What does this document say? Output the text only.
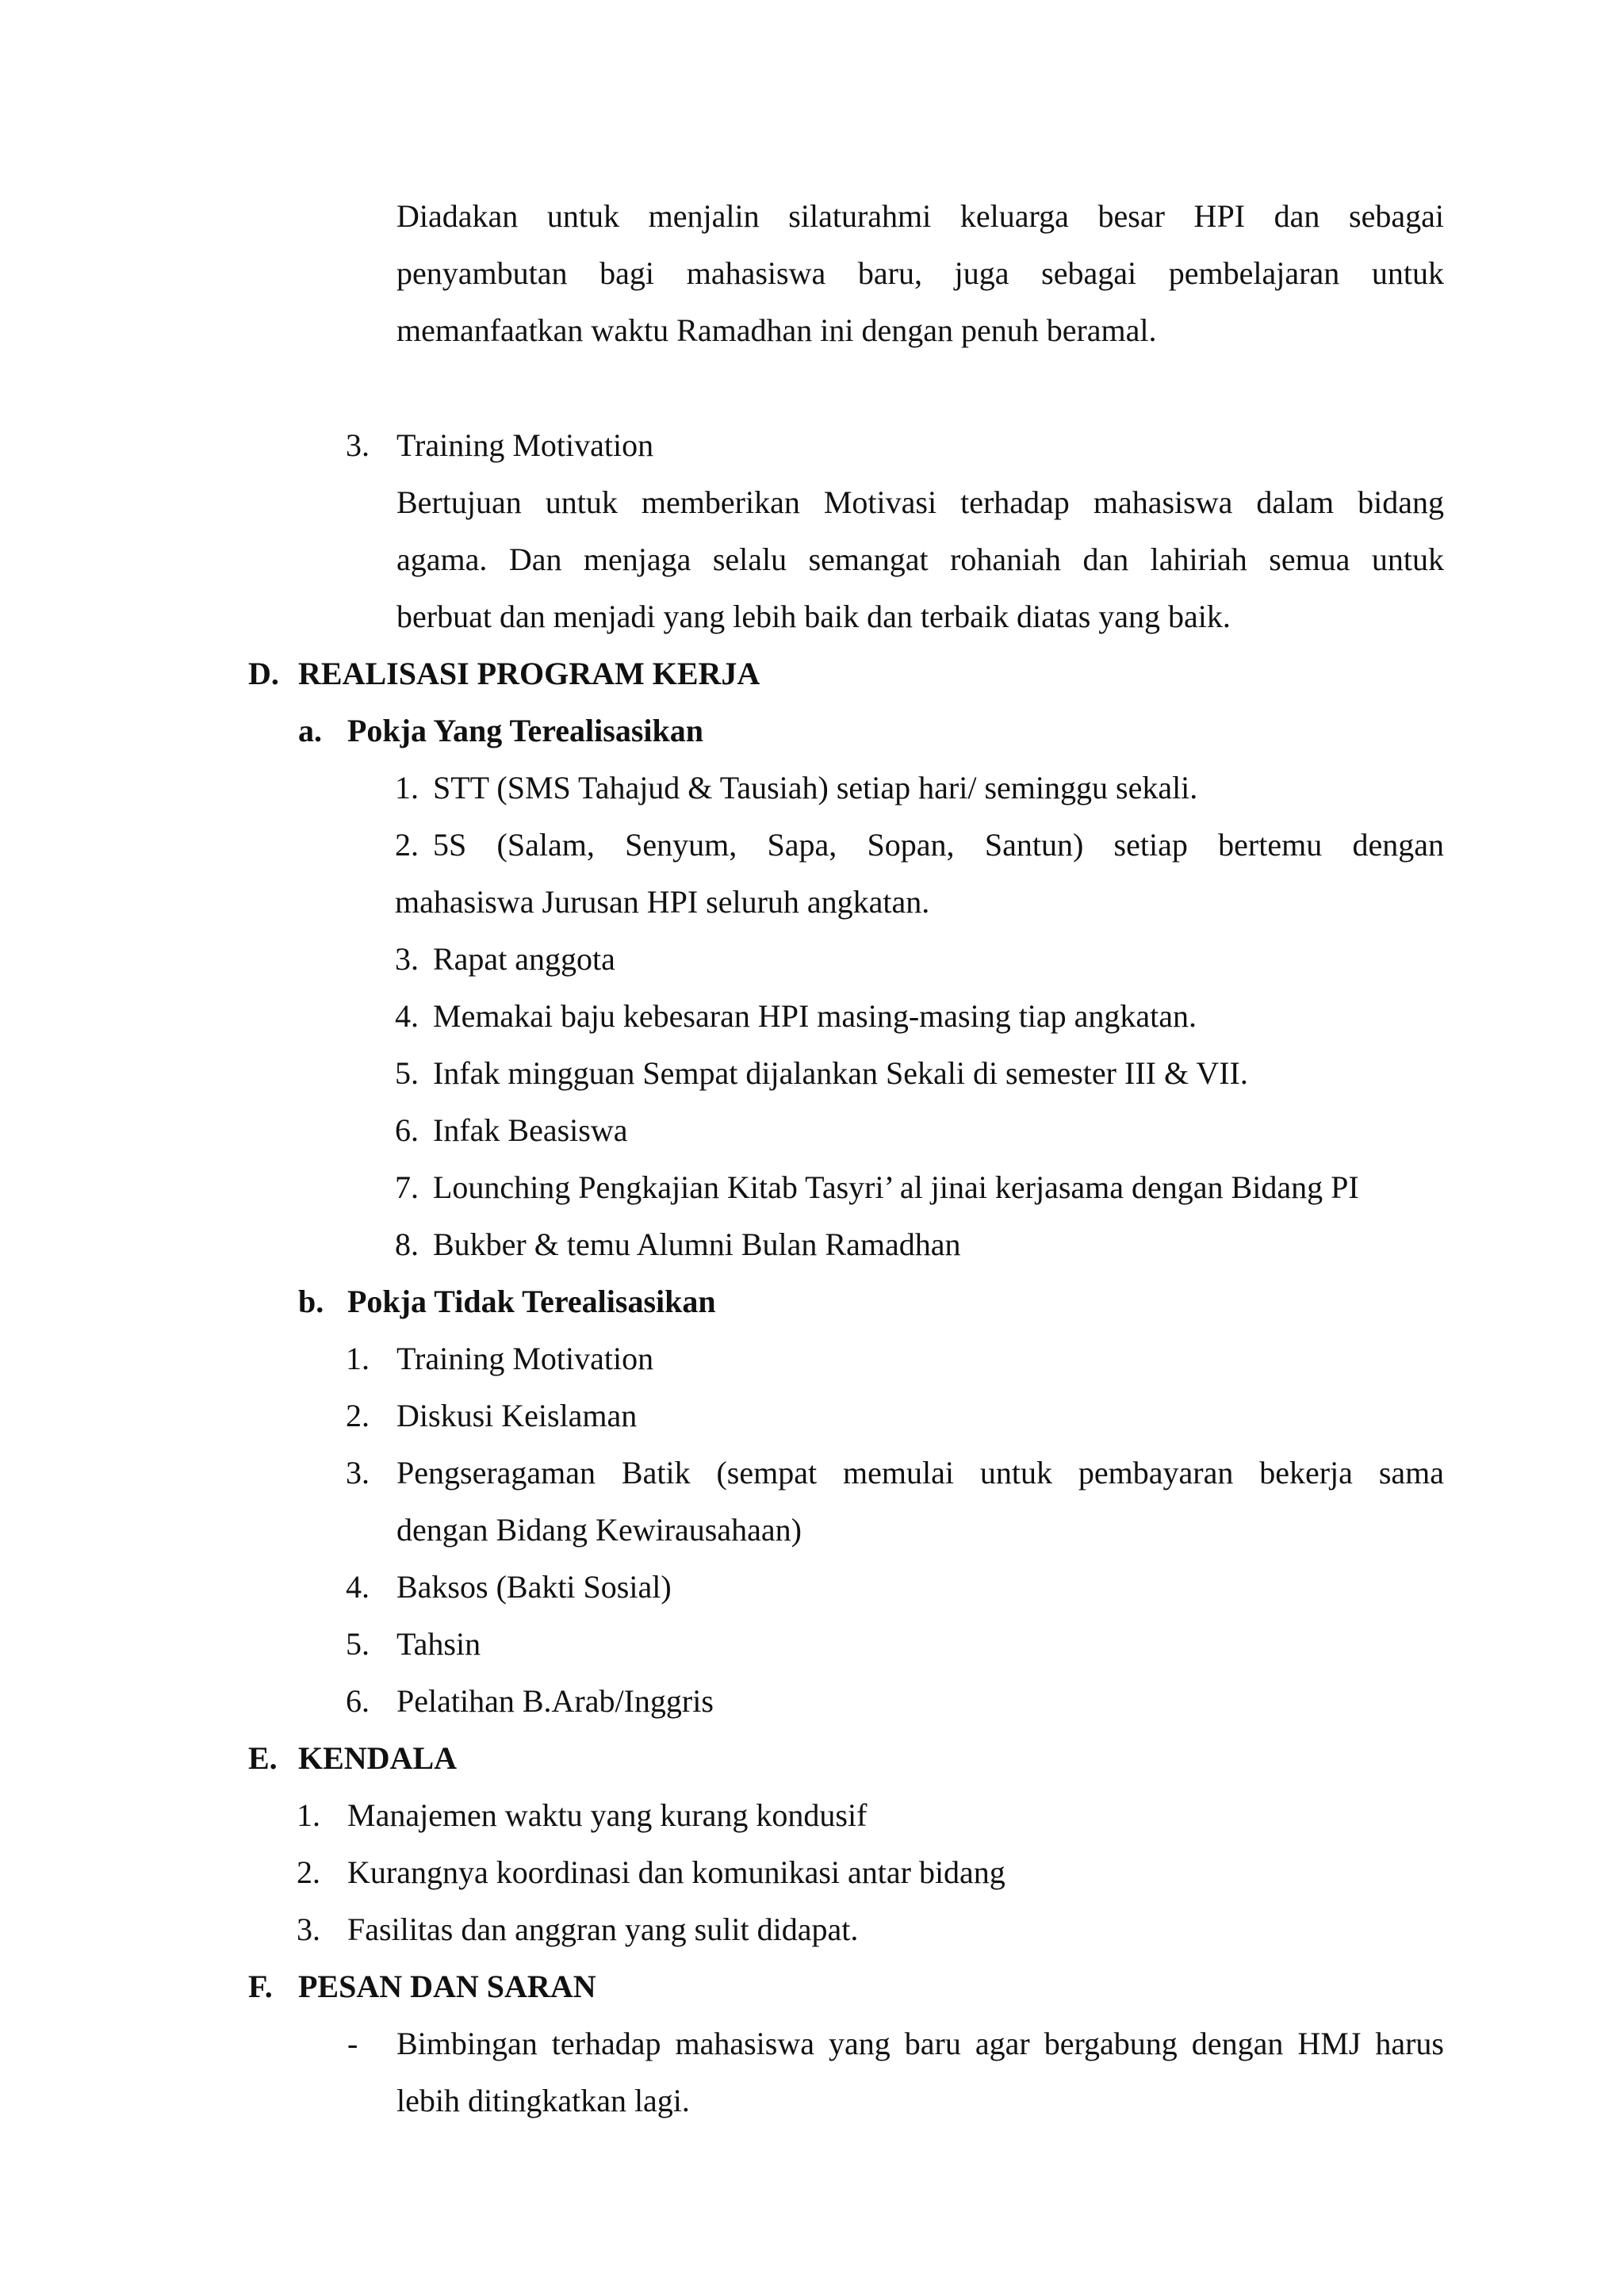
Diadakan untuk menjalin silaturahmi keluarga besar HPI dan sebagai
penyambutan bagi mahasiswa baru, juga sebagai pembelajaran untuk
memanfaatkan waktu Ramadhan ini dengan penuh beramal.
3. Training Motivation
Bertujuan untuk memberikan Motivasi terhadap mahasiswa dalam bidang
agama. Dan menjaga selalu semangat rohaniah dan lahiriah semua untuk
berbuat dan menjadi yang lebih baik dan terbaik diatas yang baik.
D. REALISASI PROGRAM KERJA
a. Pokja Yang Terealisasikan
1. STT (SMS Tahajud & Tausiah) setiap hari/ seminggu sekali.
2. 5S (Salam, Senyum, Sapa, Sopan, Santun) setiap bertemu dengan
mahasiswa Jurusan HPI seluruh angkatan.
3. Rapat anggota
4. Memakai baju kebesaran HPI masing-masing tiap angkatan.
5. Infak mingguan Sempat dijalankan Sekali di semester III & VII.
6. Infak Beasiswa
7. Lounching Pengkajian Kitab Tasyri’ al jinai kerjasama dengan Bidang PI
8. Bukber & temu Alumni Bulan Ramadhan
b. Pokja Tidak Terealisasikan
1. Training Motivation
2. Diskusi Keislaman
3. Pengseragaman Batik (sempat memulai untuk pembayaran bekerja sama
dengan Bidang Kewirausahaan)
4. Baksos (Bakti Sosial)
5. Tahsin
6. Pelatihan B.Arab/Inggris
E. KENDALA
1. Manajemen waktu yang kurang kondusif
2. Kurangnya koordinasi dan komunikasi antar bidang
3. Fasilitas dan anggran yang sulit didapat.
F. PESAN DAN SARAN
- Bimbingan terhadap mahasiswa yang baru agar bergabung dengan HMJ harus
lebih ditingkatkan lagi.
